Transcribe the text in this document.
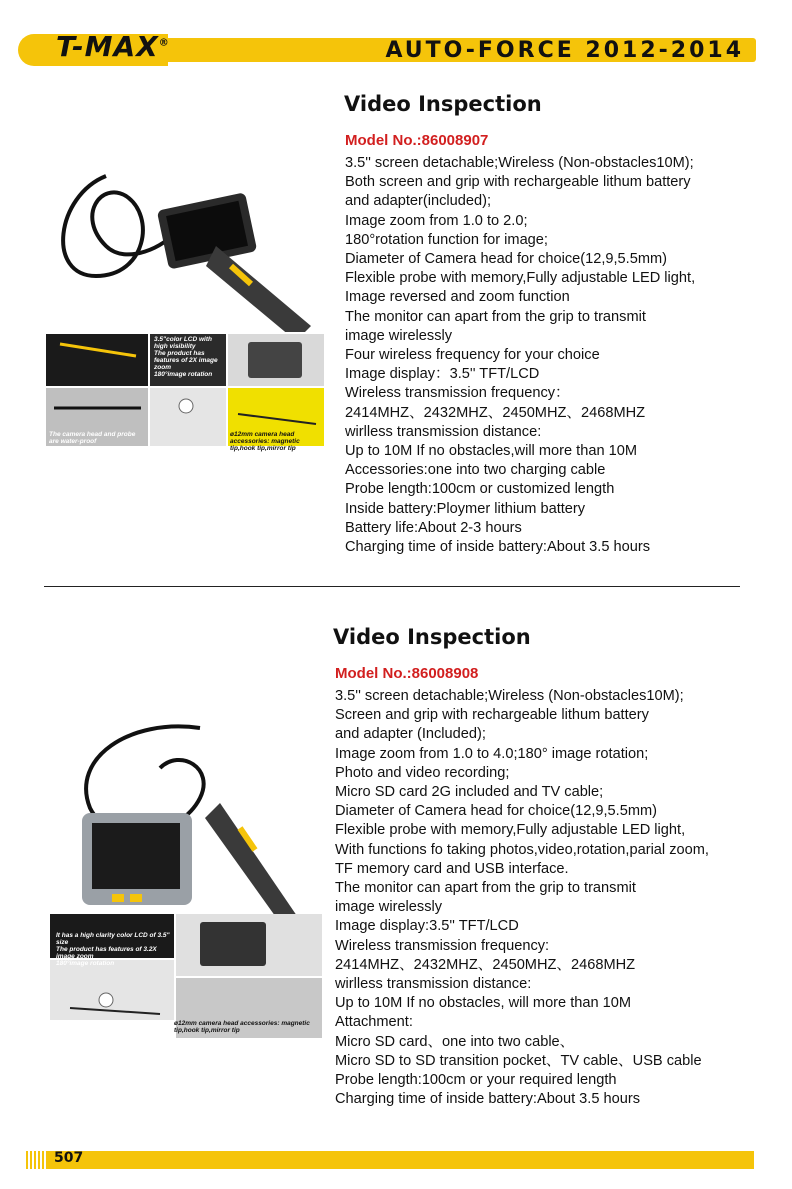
T-MAX®	AUTO-FORCE 2012-2014
Video Inspection
Model No.:86008907
3.5'' screen detachable;Wireless (Non-obstacles10M);
Both screen and grip with rechargeable lithum battery
and adapter(included);
Image zoom from 1.0 to 2.0;
180°rotation function for image;
Diameter of Camera head for choice(12,9,5.5mm)
Flexible probe with memory,Fully adjustable LED light,
Image reversed and zoom function
The monitor can apart from the grip to transmit
image wirelessly
Four wireless frequency for your choice
Image display：3.5'' TFT/LCD
Wireless transmission frequency：
2414MHZ、2432MHZ、2450MHZ、2468MHZ
wirlless transmission distance:
Up to 10M If no obstacles,will more than 10M
Accessories:one into two charging cable
Probe length:100cm or customized length
Inside battery:Ploymer lithium battery
Battery life:About 2-3 hours
Charging time of inside battery:About 3.5 hours
3.5"color LCD with high visibility
The product has features of 2X image zoom
180°image rotation
The camera head and probe are water-proof
ø12mm camera head accessories: magnetic tip,hook tip,mirror tip
Video Inspection
Model No.:86008908
3.5'' screen detachable;Wireless (Non-obstacles10M);
Screen and grip with rechargeable lithum battery
and adapter (Included);
Image zoom from 1.0 to 4.0;180° image rotation;
Photo and video recording;
Micro SD card 2G included and TV cable;
Diameter of Camera head for choice(12,9,5.5mm)
Flexible probe with memory,Fully adjustable LED light,
With functions fo taking photos,video,rotation,parial zoom,
TF memory card and USB interface.
The monitor can apart from the grip to transmit
image wirelessly
Image display:3.5'' TFT/LCD
Wireless transmission frequency:
2414MHZ、2432MHZ、2450MHZ、2468MHZ
wirlless transmission distance:
Up to 10M If no obstacles, will more than 10M
Attachment:
Micro SD card、one into two cable、
Micro SD to SD transition pocket、TV cable、USB cable
Probe length:100cm or your required length
Charging time of inside battery:About 3.5 hours
It has a high clarity color LCD of 3.5" size
The product has features of 3.2X image zoom
180°image rotation
ø12mm camera head accessories: magnetic tip,hook tip,mirror tip
507
